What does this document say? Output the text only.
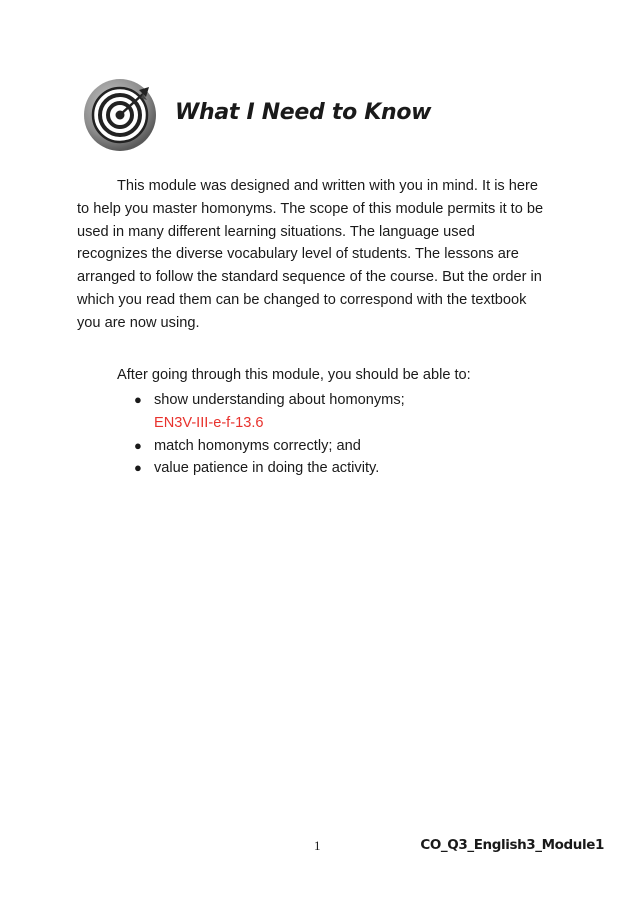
What I Need to Know

This module was designed and written with you in mind. It is here to help you master homonyms. The scope of this module permits it to be used in many different learning situations. The language used recognizes the diverse vocabulary level of students. The lessons are arranged to follow the standard sequence of the course. But the order in which you read them can be changed to correspond with the textbook you are now using.

After going through this module, you should be able to:

● show understanding about homonyms;
EN3V-III-e-f-13.6
● match homonyms correctly; and
● value patience in doing the activity.
1	CO_Q3_English3_Module1
